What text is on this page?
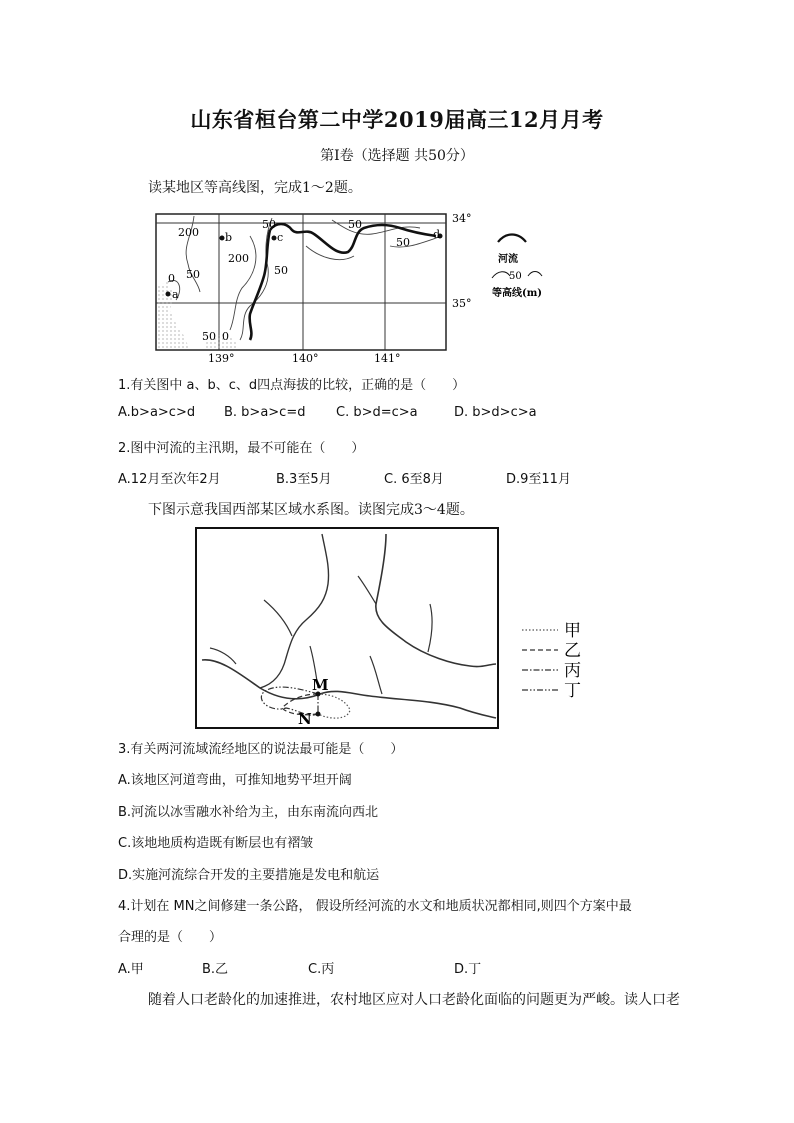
山东省桓台第二中学2019届高三12月月考
第Ⅰ卷（选择题 共50分）
读某地区等高线图，完成1～2题。
a
b	c	d
200
200
0 50
50
50
50
50
50 0
34°
35°
139°	140°	141°
河流
50
等高线(m)
1.有关图中 a、b、c、d四点海拔的比较，正确的是（　　）
A.b>a>c>d B. b>a>c=d C. b>d=c>a	D. b>d>c>a
2.图中河流的主汛期，最不可能在（　　）
A.12月至次年2月	B.3至5月	C. 6至8月	D.9至11月
下图示意我国西部某区域水系图。读图完成3～4题。
M
N
甲
乙
丙
丁
3.有关两河流域流经地区的说法最可能是（　　）
A.该地区河道弯曲，可推知地势平坦开阔
B.河流以冰雪融水补给为主，由东南流向西北
C.该地地质构造既有断层也有褶皱
D.实施河流综合开发的主要措施是发电和航运
4.计划在 MN之间修建一条公路， 假设所经河流的水文和地质状况都相同,则四个方案中最
合理的是（　　）
A.甲	B.乙	C.丙	D.丁
随着人口老龄化的加速推进，农村地区应对人口老龄化面临的问题更为严峻。读人口老
